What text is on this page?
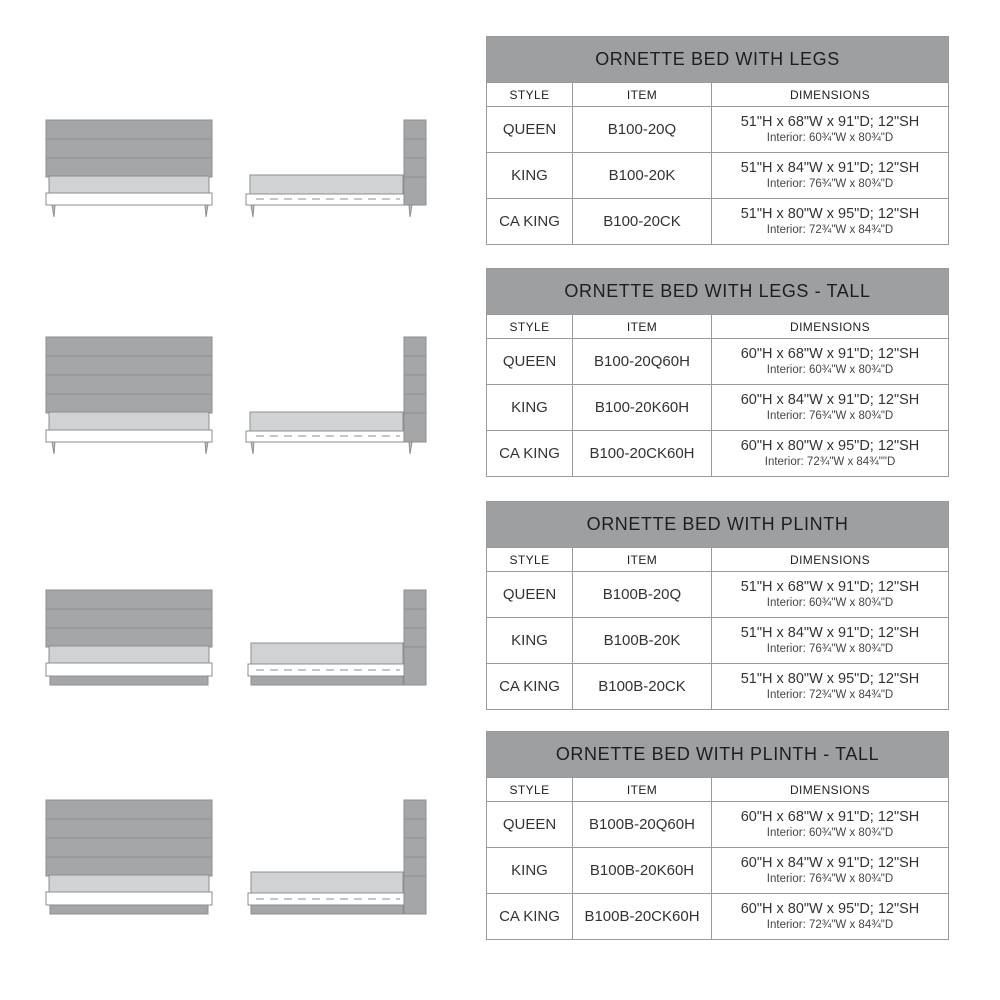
ORNETTE BED WITH LEGS		
STYLE	ITEM	DIMENSIONS
QUEEN	B100-20Q	51"H x 68"W x 91"D; 12"SH
Interior: 60¾"W x 80¾"D

KING	B100-20K	51"H x 84"W x 91"D; 12"SH
Interior: 76¾"W x 80¾"D

CA KING	B100-20CK	51"H x 80"W x 95"D; 12"SH
Interior: 72¾"W x 84¾"D
ORNETTE BED WITH LEGS - TALL		
STYLE	ITEM	DIMENSIONS
QUEEN	B100-20Q60H	60"H x 68"W x 91"D; 12"SH
Interior: 60¾"W x 80¾"D

KING	B100-20K60H	60"H x 84"W x 91"D; 12"SH
Interior: 76¾"W x 80¾"D

CA KING	B100-20CK60H	60"H x 80"W x 95"D; 12"SH
Interior: 72¾"W x 84¾""D
ORNETTE BED WITH PLINTH		
STYLE	ITEM	DIMENSIONS
QUEEN	B100B-20Q	51"H x 68"W x 91"D; 12"SH
Interior: 60¾"W x 80¾"D

KING	B100B-20K	51"H x 84"W x 91"D; 12"SH
Interior: 76¾"W x 80¾"D

CA KING	B100B-20CK	51"H x 80"W x 95"D; 12"SH
Interior: 72¾"W x 84¾"D
ORNETTE BED WITH PLINTH - TALL		
STYLE	ITEM	DIMENSIONS
QUEEN	B100B-20Q60H	60"H x 68"W x 91"D; 12"SH
Interior: 60¾"W x 80¾"D

KING	B100B-20K60H	60"H x 84"W x 91"D; 12"SH
Interior: 76¾"W x 80¾"D

CA KING	B100B-20CK60H	60"H x 80"W x 95"D; 12"SH
Interior: 72¾"W x 84¾"D
